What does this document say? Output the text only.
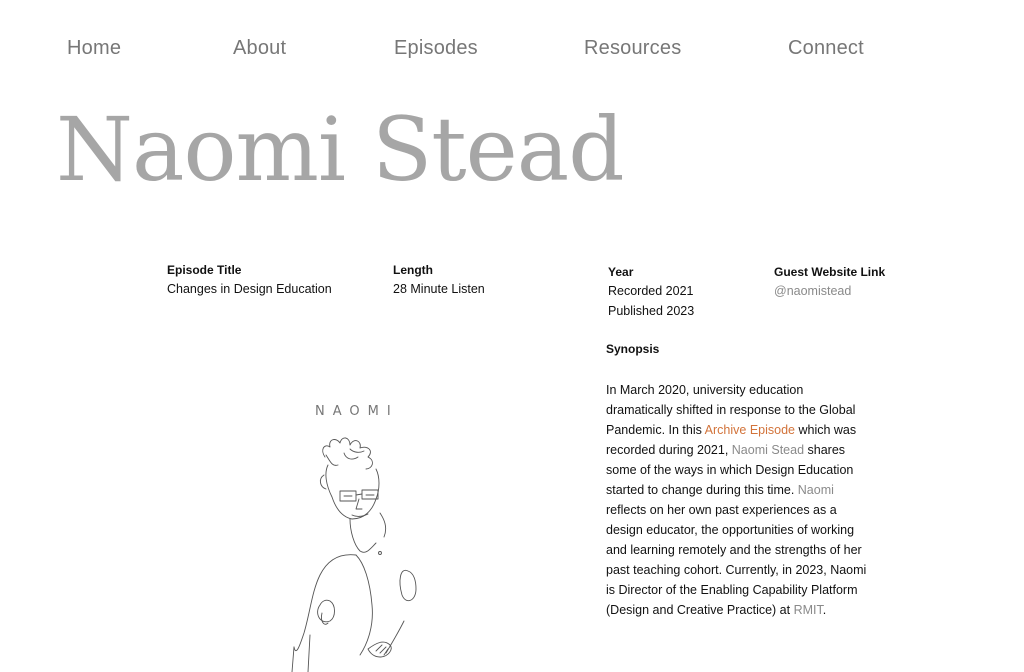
Home	About	Episodes	Resources	Connect
Naomi Stead
Episode Title
Changes in Design Education
Length
28 Minute Listen
Year
Recorded 2021
Published 2023
Guest Website Link
@naomistead
Synopsis

In March 2020, university education dramatically shifted in response to the Global Pandemic. In this Archive Episode which was recorded during 2021, Naomi Stead shares some of the ways in which Design Education started to change during this time. Naomi reflects on her own past experiences as a design educator, the opportunities of working and learning remotely and the strengths of her past teaching cohort. Currently, in 2023, Naomi is Director of the Enabling Capability Platform (Design and Creative Practice) at RMIT.

NAOMI
